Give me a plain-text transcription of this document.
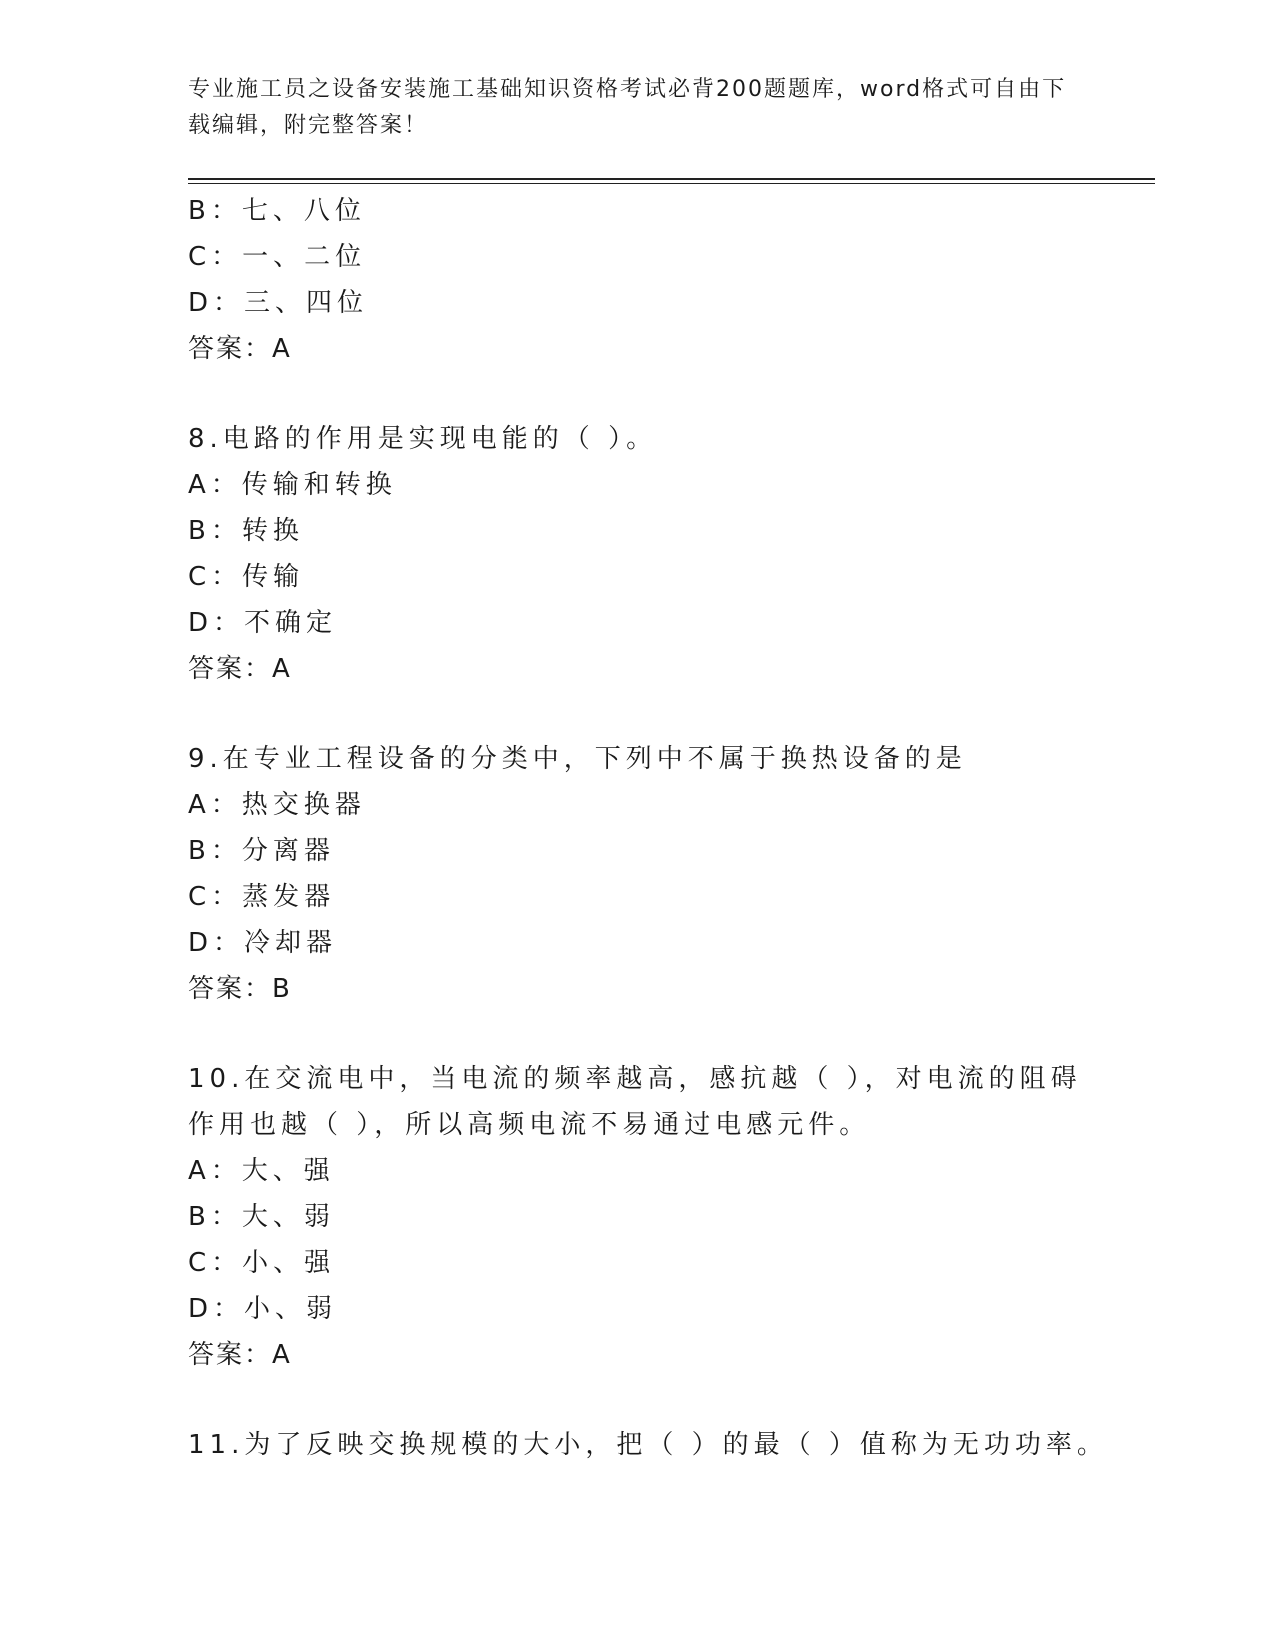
专业施工员之设备安装施工基础知识资格考试必背200题题库，word格式可自由下载编辑，附完整答案！
B：七、八位
C：一、二位
D：三、四位
答案：A
8.电路的作用是实现电能的（ ）。
A：传输和转换
B：转换
C：传输
D：不确定
答案：A
9.在专业工程设备的分类中，下列中不属于换热设备的是
A：热交换器
B：分离器
C：蒸发器
D：冷却器
答案：B
10.在交流电中，当电流的频率越高，感抗越（ ），对电流的阻碍作用也越（ ），所以高频电流不易通过电感元件。
A：大、强
B：大、弱
C：小、强
D：小、弱
答案：A
11.为了反映交换规模的大小，把（ ）的最（ ）值称为无功功率。
